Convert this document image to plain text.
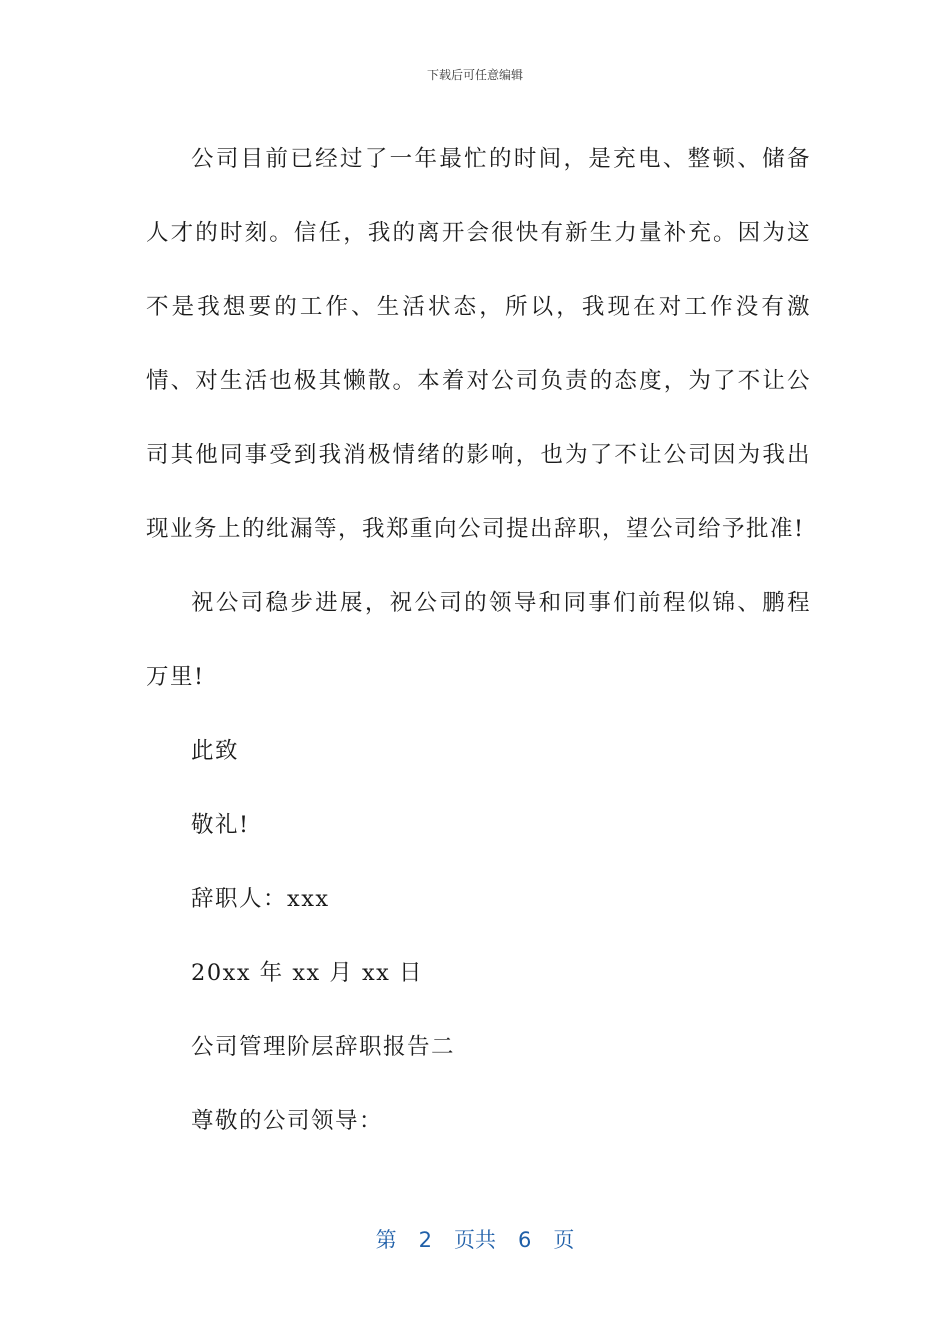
下载后可任意编辑

公司目前已经过了一年最忙的时间，是充电、整顿、储备人才的时刻。信任，我的离开会很快有新生力量补充。因为这不是我想要的工作、生活状态，所以，我现在对工作没有激情、对生活也极其懒散。本着对公司负责的态度，为了不让公司其他同事受到我消极情绪的影响，也为了不让公司因为我出现业务上的纰漏等，我郑重向公司提出辞职，望公司给予批准!

祝公司稳步进展，祝公司的领导和同事们前程似锦、鹏程万里!

此致

敬礼!

辞职人：xxx

20xx 年 xx 月 xx 日

公司管理阶层辞职报告二

尊敬的公司领导：

第 2 页共 6 页
